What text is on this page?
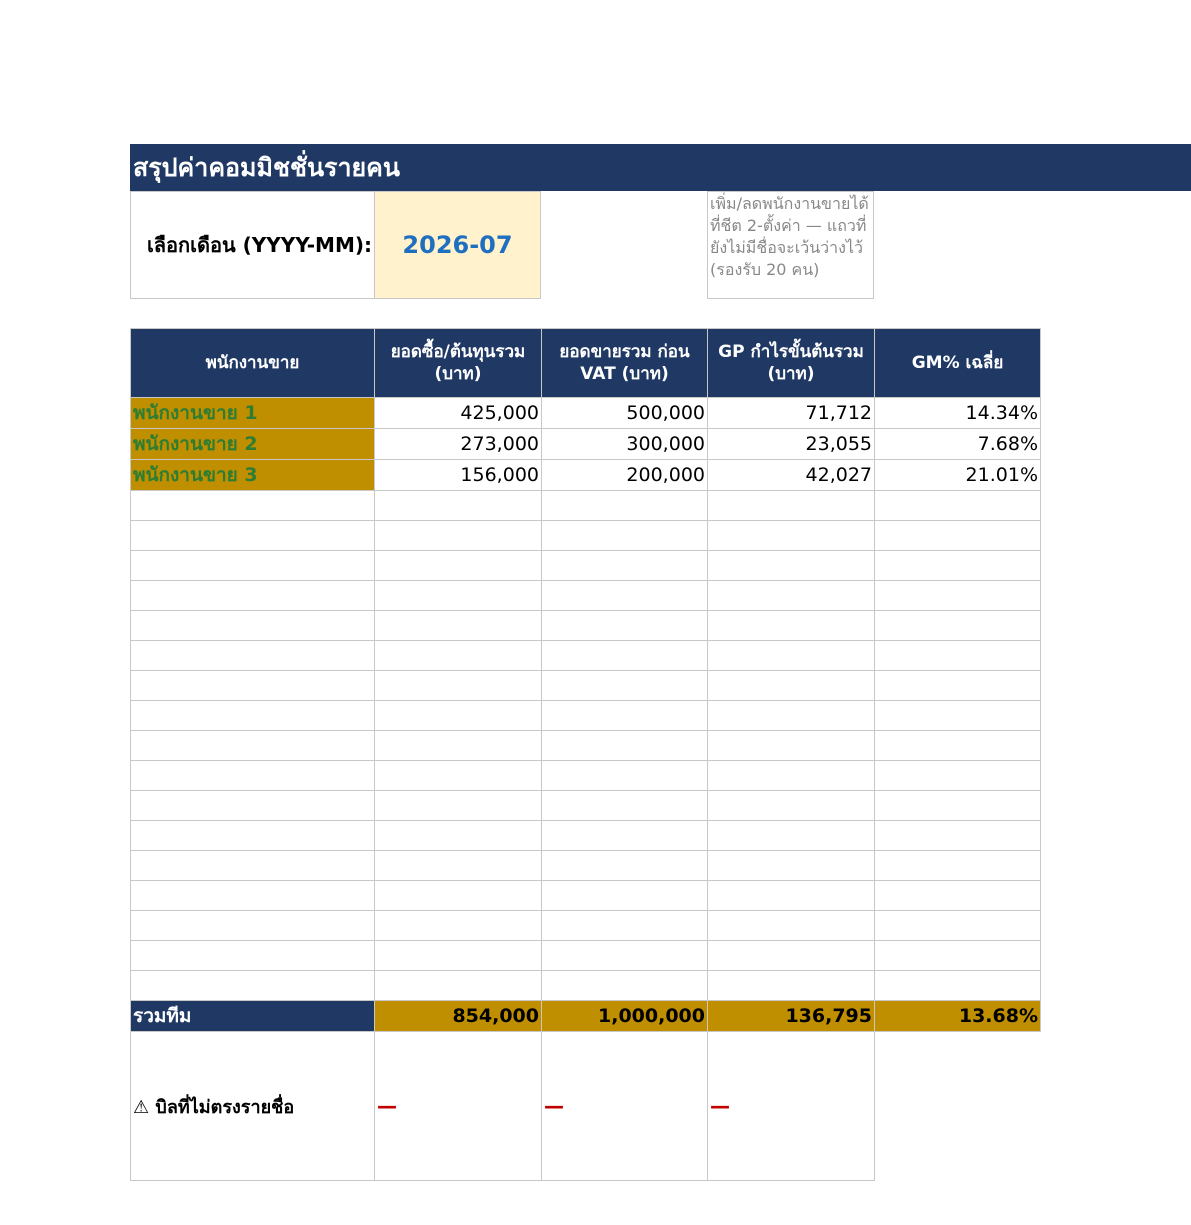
สรุปค่าคอมมิชชั่นรายคน
เลือกเดือน (YYYY-MM):	2026-07
เพิ่ม/ลดพนักงานขายได้ที่ชีต 2-ตั้งค่า — แถวที่ยังไม่มีชื่อจะเว้นว่างไว้ (รองรับ 20 คน)
พนักงานขาย	ยอดซื้อ/ต้นทุนรวม (บาท)	ยอดขายรวม ก่อน VAT (บาท)	GP กำไรขั้นต้นรวม (บาท)	GM% เฉลี่ย
พนักงานขาย 1	425,000	500,000	71,712	14.34%
พนักงานขาย 2	273,000	300,000	23,055	7.68%
พนักงานขาย 3	156,000	200,000	42,027	21.01%

รวมทีม	854,000	1,000,000	136,795	13.68%
⚠ บิลที่ไม่ตรงรายชื่อ	—	—	—	
